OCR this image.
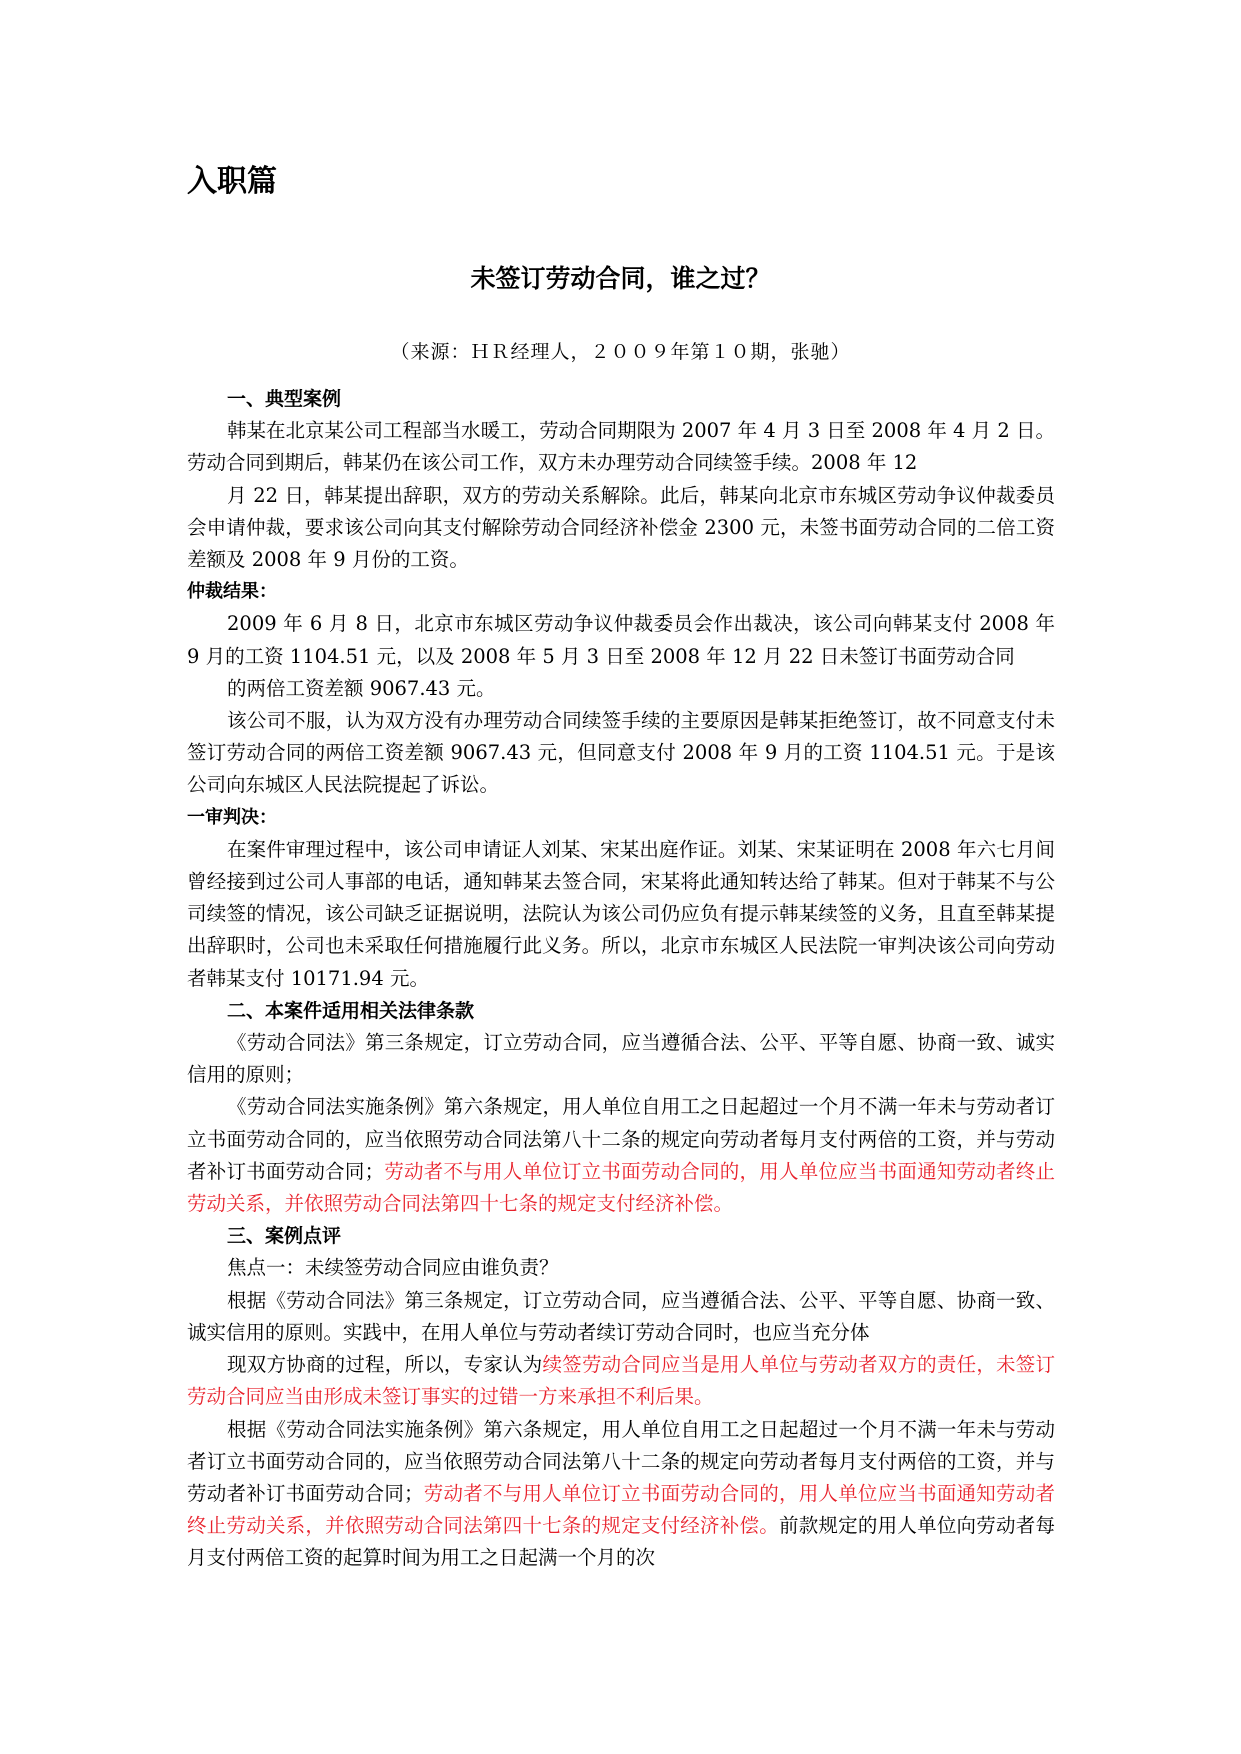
入职篇
未签订劳动合同，谁之过？
（来源：ＨＲ经理人，２００９年第１０期，张驰）

一、典型案例

韩某在北京某公司工程部当水暖工，劳动合同期限为 2007 年 4 月 3 日至 2008 年 4 月 2 日。劳动合同到期后，韩某仍在该公司工作，双方未办理劳动合同续签手续。2008 年 12

月 22 日，韩某提出辞职，双方的劳动关系解除。此后，韩某向北京市东城区劳动争议仲裁委员会申请仲裁，要求该公司向其支付解除劳动合同经济补偿金 2300 元，未签书面劳动合同的二倍工资差额及 2008 年 9 月份的工资。

仲裁结果：

2009 年 6 月 8 日，北京市东城区劳动争议仲裁委员会作出裁决，该公司向韩某支付 2008 年 9 月的工资 1104.51 元，以及 2008 年 5 月 3 日至 2008 年 12 月 22 日未签订书面劳动合同

的两倍工资差额 9067.43 元。

该公司不服，认为双方没有办理劳动合同续签手续的主要原因是韩某拒绝签订，故不同意支付未签订劳动合同的两倍工资差额 9067.43 元，但同意支付 2008 年 9 月的工资 1104.51 元。于是该公司向东城区人民法院提起了诉讼。

一审判决：

在案件审理过程中，该公司申请证人刘某、宋某出庭作证。刘某、宋某证明在 2008 年六七月间曾经接到过公司人事部的电话，通知韩某去签合同，宋某将此通知转达给了韩某。但对于韩某不与公司续签的情况，该公司缺乏证据说明，法院认为该公司仍应负有提示韩某续签的义务，且直至韩某提出辞职时，公司也未采取任何措施履行此义务。所以，北京市东城区人民法院一审判决该公司向劳动者韩某支付 10171.94 元。

二、本案件适用相关法律条款

《劳动合同法》第三条规定，订立劳动合同，应当遵循合法、公平、平等自愿、协商一致、诚实信用的原则；

《劳动合同法实施条例》第六条规定，用人单位自用工之日起超过一个月不满一年未与劳动者订立书面劳动合同的，应当依照劳动合同法第八十二条的规定向劳动者每月支付两倍的工资，并与劳动者补订书面劳动合同；劳动者不与用人单位订立书面劳动合同的，用人单位应当书面通知劳动者终止劳动关系，并依照劳动合同法第四十七条的规定支付经济补偿。

三、案例点评

焦点一：未续签劳动合同应由谁负责？

根据《劳动合同法》第三条规定，订立劳动合同，应当遵循合法、公平、平等自愿、协商一致、诚实信用的原则。实践中，在用人单位与劳动者续订劳动合同时，也应当充分体

现双方协商的过程，所以，专家认为续签劳动合同应当是用人单位与劳动者双方的责任，未签订劳动合同应当由形成未签订事实的过错一方来承担不利后果。

根据《劳动合同法实施条例》第六条规定，用人单位自用工之日起超过一个月不满一年未与劳动者订立书面劳动合同的，应当依照劳动合同法第八十二条的规定向劳动者每月支付两倍的工资，并与劳动者补订书面劳动合同；劳动者不与用人单位订立书面劳动合同的，用人单位应当书面通知劳动者终止劳动关系，并依照劳动合同法第四十七条的规定支付经济补偿。前款规定的用人单位向劳动者每月支付两倍工资的起算时间为用工之日起满一个月的次
